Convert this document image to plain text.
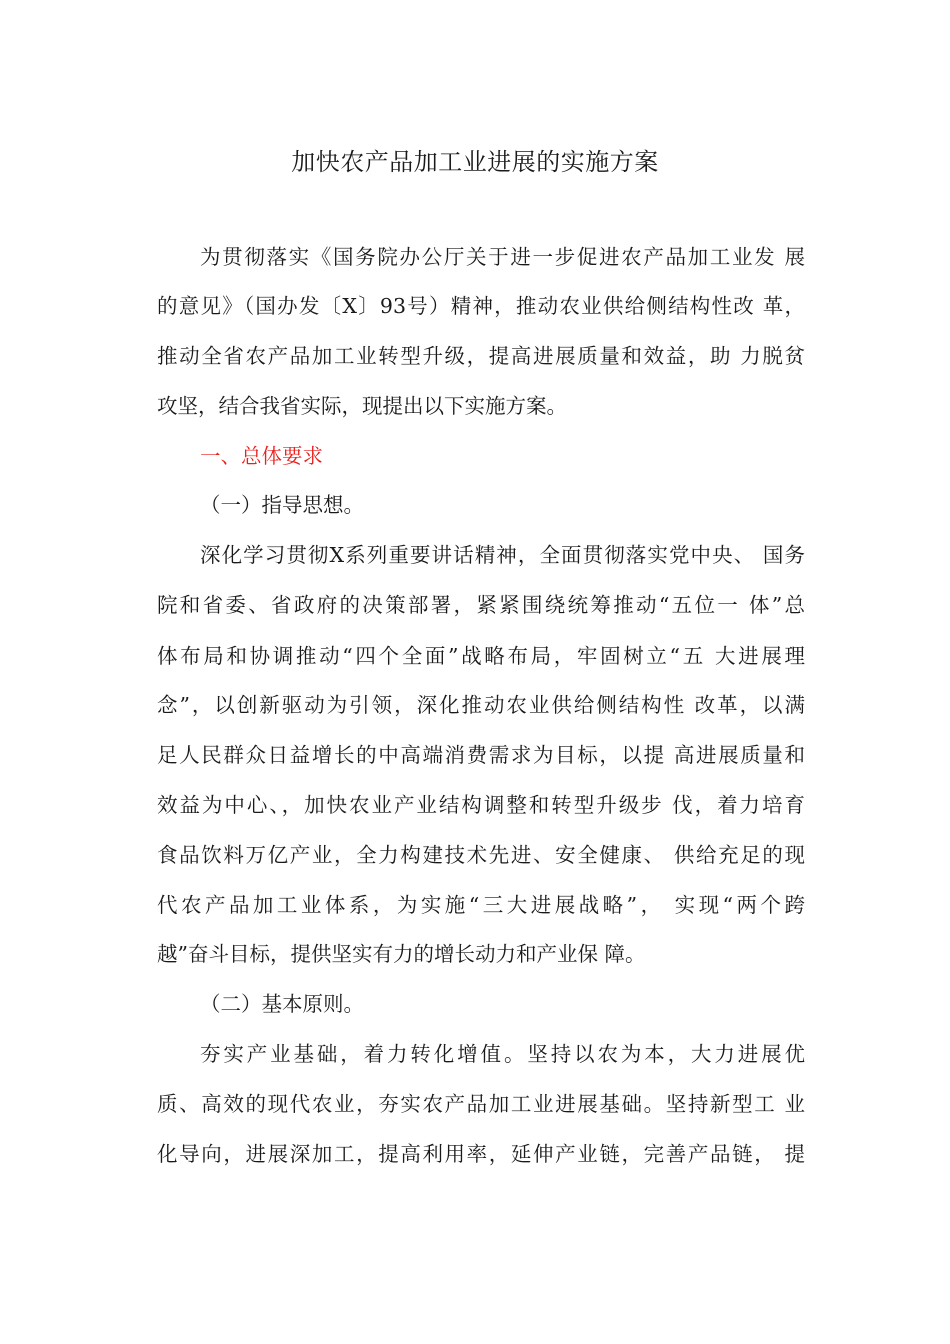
加快农产品加工业进展的实施方案
为贯彻落实《国务院办公厅关于进一步促进农产品加工业发 展
的意见》（国办发〔X〕93号）精神，推动农业供给侧结构性改 革，
推动全省农产品加工业转型升级，提高进展质量和效益，助 力脱贫
攻坚，结合我省实际，现提出以下实施方案。
一、总体要求
（一）指导思想。
深化学习贯彻X系列重要讲话精神，全面贯彻落实党中央、 国务
院和省委、省政府的决策部署，紧紧围绕统筹推动“五位一 体”总
体布局和协调推动“四个全面”战略布局，牢固树立“五 大进展理
念”，以创新驱动为引领，深化推动农业供给侧结构性 改革，以满
足人民群众日益增长的中高端消费需求为目标，以提 高进展质量和
效益为中心、，加快农业产业结构调整和转型升级步 伐，着力培育
食品饮料万亿产业，全力构建技术先进、安全健康、 供给充足的现
代农产品加工业体系，为实施“三大进展战略”， 实现“两个跨
越”奋斗目标，提供坚实有力的增长动力和产业保 障。
（二）基本原则。
夯实产业基础，着力转化增值。坚持以农为本，大力进展优
质、高效的现代农业，夯实农产品加工业进展基础。坚持新型工 业
化导向，进展深加工，提高利用率，延伸产业链，完善产品链， 提
